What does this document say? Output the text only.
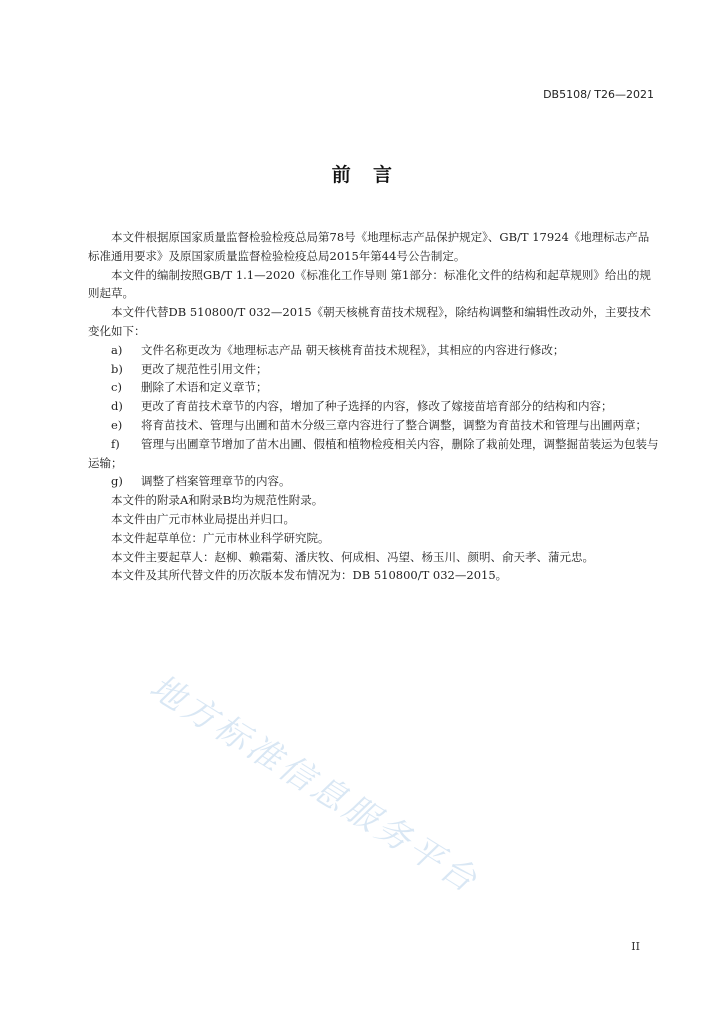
DB5108/ T26—2021
前 言

本文件根据原国家质量监督检验检疫总局第78号《地理标志产品保护规定》、GB/T 17924《地理标志产品标准通用要求》及原国家质量监督检验检疫总局2015年第44号公告制定。

本文件的编制按照GB/T 1.1—2020《标准化工作导则 第1部分：标准化文件的结构和起草规则》给出的规则起草。

本文件代替DB 510800/T 032—2015《朝天核桃育苗技术规程》，除结构调整和编辑性改动外，主要技术变化如下：

a) 文件名称更改为《地理标志产品 朝天核桃育苗技术规程》，其相应的内容进行修改；

b) 更改了规范性引用文件；

c) 删除了术语和定义章节；

d) 更改了育苗技术章节的内容，增加了种子选择的内容，修改了嫁接苗培育部分的结构和内容；

e) 将育苗技术、管理与出圃和苗木分级三章内容进行了整合调整，调整为育苗技术和管理与出圃两章；

f) 管理与出圃章节增加了苗木出圃、假植和植物检疫相关内容，删除了栽前处理，调整掘苗装运为包装与运输；

g) 调整了档案管理章节的内容。

本文件的附录A和附录B均为规范性附录。

本文件由广元市林业局提出并归口。

本文件起草单位：广元市林业科学研究院。

本文件主要起草人：赵柳、赖霜菊、潘庆牧、何成相、冯望、杨玉川、颜明、俞天孝、蒲元忠。

本文件及其所代替文件的历次版本发布情况为：DB 510800/T 032—2015。

地方标准信息服务平台
II
